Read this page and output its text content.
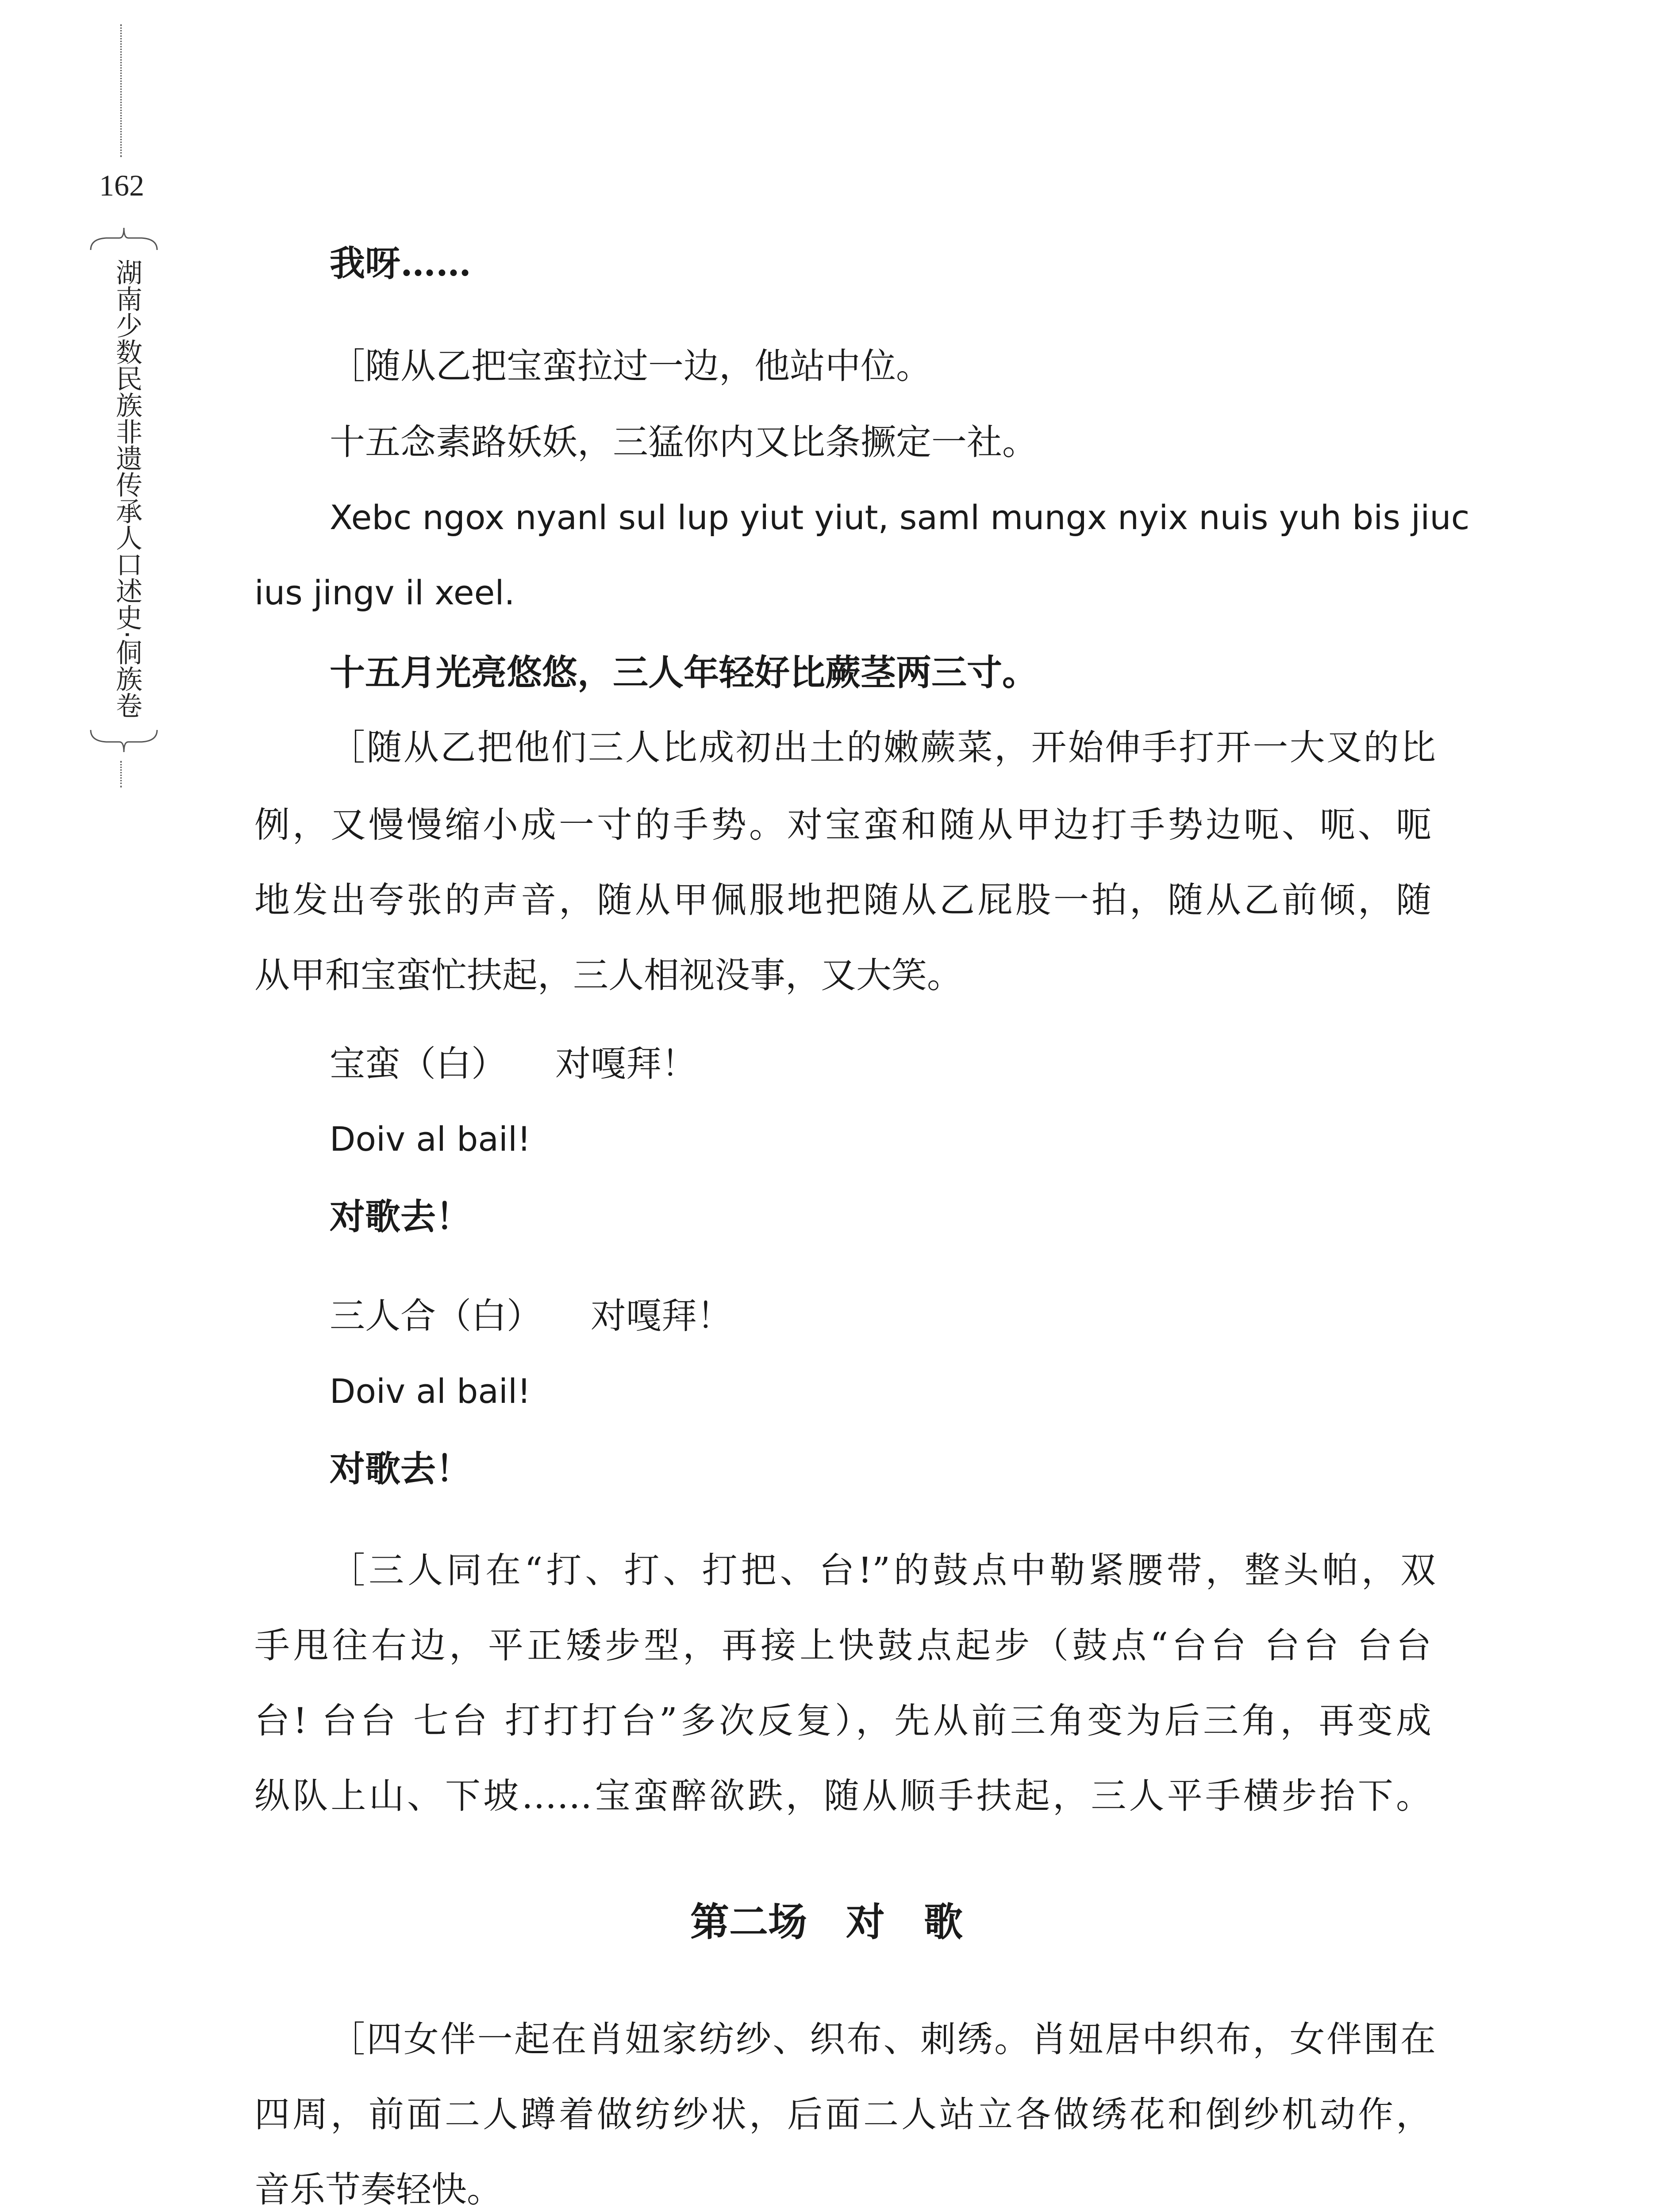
162
湖南少数民族非遗传承人口述史·侗族卷	我呀……
［随从乙把宝蛮拉过一边，他站中位。
十五念素路妖妖，三猛你内又比条撅定一社。
Xebc ngox nyanl sul lup yiut yiut, saml mungx nyix nuis yuh bis jiuc
ius jingv il xeel.
十五月光亮悠悠，三人年轻好比蕨茎两三寸。
［随从乙把他们三人比成初出土的嫩蕨菜，开始伸手打开一大叉的比
例，又慢慢缩小成一寸的手势。对宝蛮和随从甲边打手势边呃、呃、呃
地发出夸张的声音，随从甲佩服地把随从乙屁股一拍，随从乙前倾，随
从甲和宝蛮忙扶起，三人相视没事，又大笑。
宝蛮（白） 对嘎拜！
Doiv al bail!
对歌去！
三人合（白） 对嘎拜！
Doiv al bail!
对歌去！
［三人同在“打、打、打把、台!”的鼓点中勒紧腰带，整头帕，双
手甩往右边，平正矮步型，再接上快鼓点起步（鼓点“台台 台台 台台
台! 台台 七台 打打打台”多次反复），先从前三角变为后三角，再变成
纵队上山、下坡……宝蛮醉欲跌，随从顺手扶起，三人平手横步抬下。
第二场　对　歌
［四女伴一起在肖妞家纺纱、织布、刺绣。肖妞居中织布，女伴围在
四周，前面二人蹲着做纺纱状，后面二人站立各做绣花和倒纱机动作，
音乐节奏轻快。
